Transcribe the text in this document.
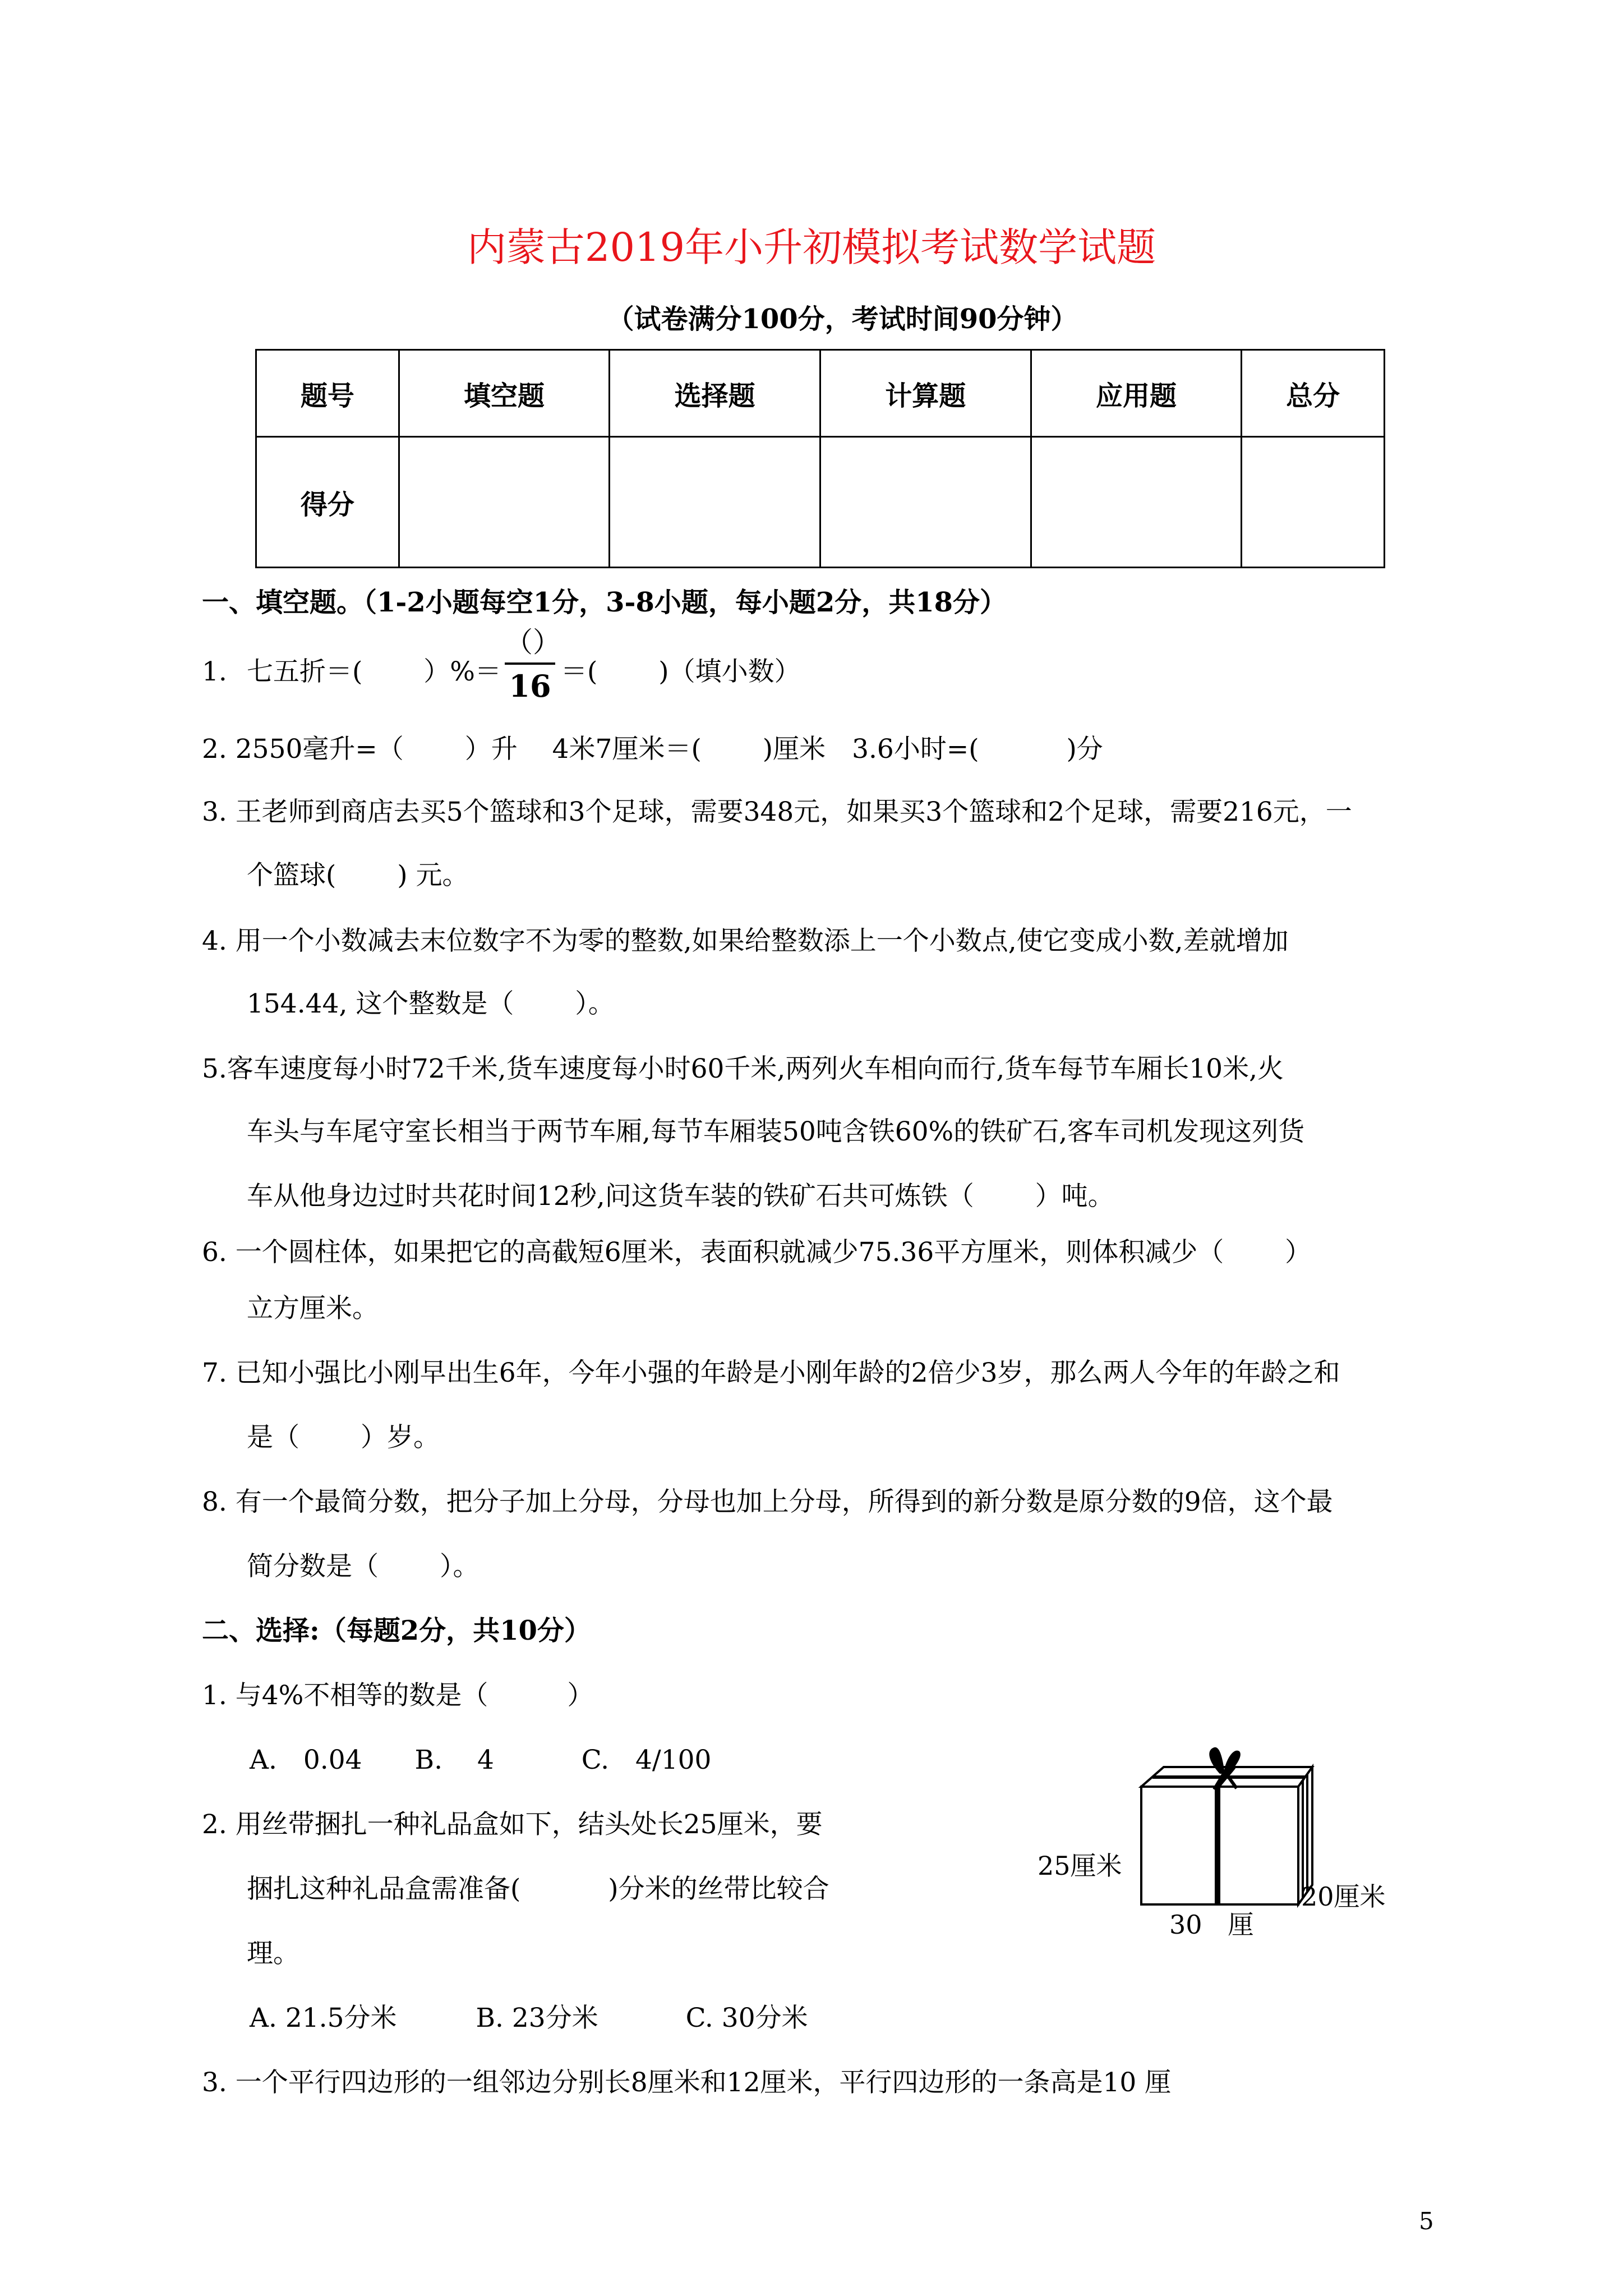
内蒙古2019年小升初模拟考试数学试题
（试卷满分100分，考试时间90分钟）
题号	填空题	选择题	计算题	应用题	总分
得分					
一、填空题。（1-2小题每空1分，3-8小题，每小题2分，共18分）
1. 七五折＝(　　 ）%＝
（）
16 ＝(　　 )（填小数）
2. 2550毫升=（　　 ）升　 4米7厘米＝(　　 )厘米　3.6小时=(　　　 )分
3. 王老师到商店去买5个篮球和3个足球，需要348元，如果买3个篮球和2个足球，需要216元，一
个篮球(　　 ) 元。
4. 用一个小数减去末位数字不为零的整数,如果给整数添上一个小数点,使它变成小数,差就增加
154.44, 这个整数是（　　 ）。
5.客车速度每小时72千米,货车速度每小时60千米,两列火车相向而行,货车每节车厢长10米,火
车头与车尾守室长相当于两节车厢,每节车厢装50吨含铁60%的铁矿石,客车司机发现这列货
车从他身边过时共花时间12秒,问这货车装的铁矿石共可炼铁（　　 ）吨。
6. 一个圆柱体，如果把它的高截短6厘米，表面积就减少75.36平方厘米，则体积减少（　　 ）
立方厘米。
7. 已知小强比小刚早出生6年，今年小强的年龄是小刚年龄的2倍少3岁，那么两人今年的年龄之和
是（　　 ）岁。
8. 有一个最简分数，把分子加上分母，分母也加上分母，所得到的新分数是原分数的9倍，这个最
简分数是（　　 ）。
二、选择:（每题2分，共10分）
1. 与4%不相等的数是（　　　）
A.　0.04　　B.　 4　　　 C.　4/100
2. 用丝带捆扎一种礼品盒如下，结头处长25厘米，要
捆扎这种礼品盒需准备(　　　 )分米的丝带比较合
理。
A. 21.5分米　　　B. 23分米　　　 C. 30分米
25厘米
20厘米
30　厘
3. 一个平行四边形的一组邻边分别长8厘米和12厘米，平行四边形的一条高是10 厘
5
